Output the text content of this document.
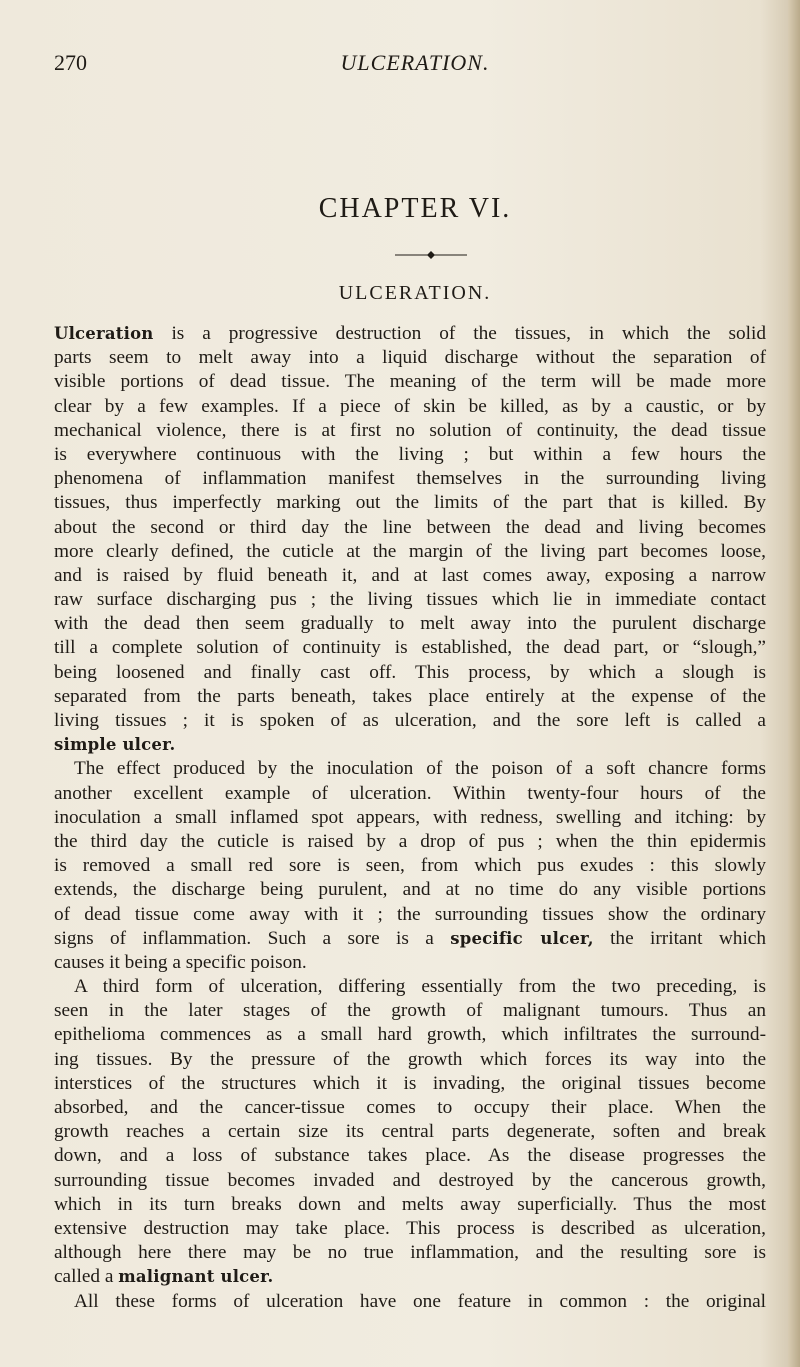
270	ULCERATION.
CHAPTER VI.
ULCERATION.
Ulceration is a progressive destruction of the tissues, in which the solid
parts seem to melt away into a liquid discharge without the separation of
visible portions of dead tissue. The meaning of the term will be made more
clear by a few examples. If a piece of skin be killed, as by a caustic, or by
mechanical violence, there is at first no solution of continuity, the dead tissue
is everywhere continuous with the living ; but within a few hours the
phenomena of inflammation manifest themselves in the surrounding living
tissues, thus imperfectly marking out the limits of the part that is killed. By
about the second or third day the line between the dead and living becomes
more clearly defined, the cuticle at the margin of the living part becomes loose,
and is raised by fluid beneath it, and at last comes away, exposing a narrow
raw surface discharging pus ; the living tissues which lie in immediate contact
with the dead then seem gradually to melt away into the purulent discharge
till a complete solution of continuity is established, the dead part, or “slough,”
being loosened and finally cast off. This process, by which a slough is
separated from the parts beneath, takes place entirely at the expense of the
living tissues ; it is spoken of as ulceration, and the sore left is called a
simple ulcer.
The effect produced by the inoculation of the poison of a soft chancre forms
another excellent example of ulceration. Within twenty-four hours of the
inoculation a small inflamed spot appears, with redness, swelling and itching: by
the third day the cuticle is raised by a drop of pus ; when the thin epidermis
is removed a small red sore is seen, from which pus exudes : this slowly
extends, the discharge being purulent, and at no time do any visible portions
of dead tissue come away with it ; the surrounding tissues show the ordinary
signs of inflammation. Such a sore is a specific ulcer, the irritant which
causes it being a specific poison.
A third form of ulceration, differing essentially from the two preceding, is
seen in the later stages of the growth of malignant tumours. Thus an
epithelioma commences as a small hard growth, which infiltrates the surround-
ing tissues. By the pressure of the growth which forces its way into the
interstices of the structures which it is invading, the original tissues become
absorbed, and the cancer-tissue comes to occupy their place. When the
growth reaches a certain size its central parts degenerate, soften and break
down, and a loss of substance takes place. As the disease progresses the
surrounding tissue becomes invaded and destroyed by the cancerous growth,
which in its turn breaks down and melts away superficially. Thus the most
extensive destruction may take place. This process is described as ulceration,
although here there may be no true inflammation, and the resulting sore is
called a malignant ulcer.
All these forms of ulceration have one feature in common : the original
